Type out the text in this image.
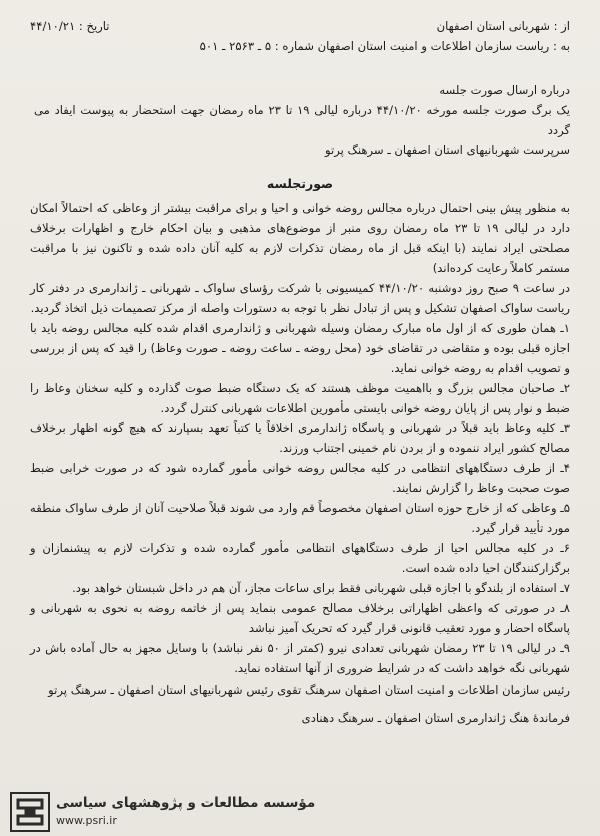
از : شهربانی استان اصفهان
تاریخ : ۴۴/۱۰/۲۱
به : ریاست سازمان اطلاعات و امنیت استان اصفهان شماره : ۵ ـ ۲۵۶۳ ـ ۵۰۱
درباره ارسال صورت جلسه
یک برگ صورت جلسه مورخه ۴۴/۱۰/۲۰ درباره لیالی ۱۹ تا ۲۳ ماه رمضان جهت استحضار به پیوست ایفاد می گردد
سرپرست شهربانیهای استان اصفهان ـ سرهنگ پرتو
صورتجلسه

به منظور پیش بینی احتمال درباره مجالس روضه خوانی و احیا و برای مراقبت بیشتر از وعاظی که احتمالاً امکان دارد در لیالی ۱۹ تا ۲۳ ماه رمضان روی منبر از موضوع‌های مذهبی و بیان احکام خارج و اظهارات برخلاف مصلحتی ایراد نمایند (با اینکه قبل از ماه رمضان تذکرات لازم به کلیه آنان داده شده و تاکنون نیز با مراقبت مستمر کاملاً رعایت کرده‌اند)

در ساعت ۹ صبح روز دوشنبه ۴۴/۱۰/۲۰ کمیسیونی با شرکت رؤسای ساواک ـ شهربانی ـ ژاندارمری در دفتر کار ریاست ساواک اصفهان تشکیل و پس از تبادل نظر با توجه به دستورات واصله از مرکز تصمیمات ذیل اتخاذ گردید.

۱ـ همان طوری که از اول ماه مبارک رمضان وسیله شهربانی و ژاندارمری اقدام شده کلیه مجالس روضه باید با اجازه قبلی بوده و متقاضی در تقاضای خود (محل روضه ـ ساعت روضه ـ صورت وعاظ) را قید که پس از بررسی و تصویب اقدام به روضه خوانی نماید.

۲ـ صاحبان مجالس بزرگ و بااهمیت موظف هستند که یک دستگاه ضبط صوت گذارده و کلیه سخنان وعاظ را ضبط و نوار پس از پایان روضه خوانی بایستی مأمورین اطلاعات شهربانی کنترل گردد.

۳ـ کلیه وعاظ باید قبلاً در شهربانی و پاسگاه ژاندارمری اخلاقاً یا کتباً تعهد بسپارند که هیچ گونه اظهار برخلاف مصالح کشور ایراد ننموده و از بردن نام خمینی اجتناب ورزند.

۴ـ از طرف دستگاههای انتظامی در کلیه مجالس روضه خوانی مأمور گمارده شود که در صورت خرابی ضبط صوت صحبت وعاظ را گزارش نمایند.

۵ـ وعاظی که از خارج حوزه استان اصفهان مخصوصاً قم وارد می شوند قبلاً صلاحیت آنان از طرف ساواک منطقه مورد تأیید قرار گیرد.

۶ـ در کلیه مجالس احیا از طرف دستگاههای انتظامی مأمور گمارده شده و تذکرات لازم به پیشنمازان و برگزارکنندگان احیا داده شده است.

۷ـ استفاده از بلندگو با اجازه قبلی شهربانی فقط برای ساعات مجاز، آن هم در داخل شبستان خواهد بود.

۸ـ در صورتی که واعظی اظهاراتی برخلاف مصالح عمومی بنماید پس از خاتمه روضه به نحوی به شهربانی و پاسگاه احضار و مورد تعقیب قانونی قرار گیرد که تحریک آمیز نباشد

۹ـ در لیالی ۱۹ تا ۲۳ رمضان شهربانی تعدادی نیرو (کمتر از ۵۰ نفر نباشد) با وسایل مجهز به حال آماده باش در شهربانی نگه خواهد داشت که در شرایط ضروری از آنها استفاده نماید.

رئیس سازمان اطلاعات و امنیت استان اصفهان سرهنگ تقوی رئیس شهربانیهای استان اصفهان ـ سرهنگ پرتو
فرماندهٔ هنگ ژاندارمری استان اصفهان ـ سرهنگ دهنادی
مؤسسه مطالعات و پژوهشهای سیاسی
www.psri.ir
